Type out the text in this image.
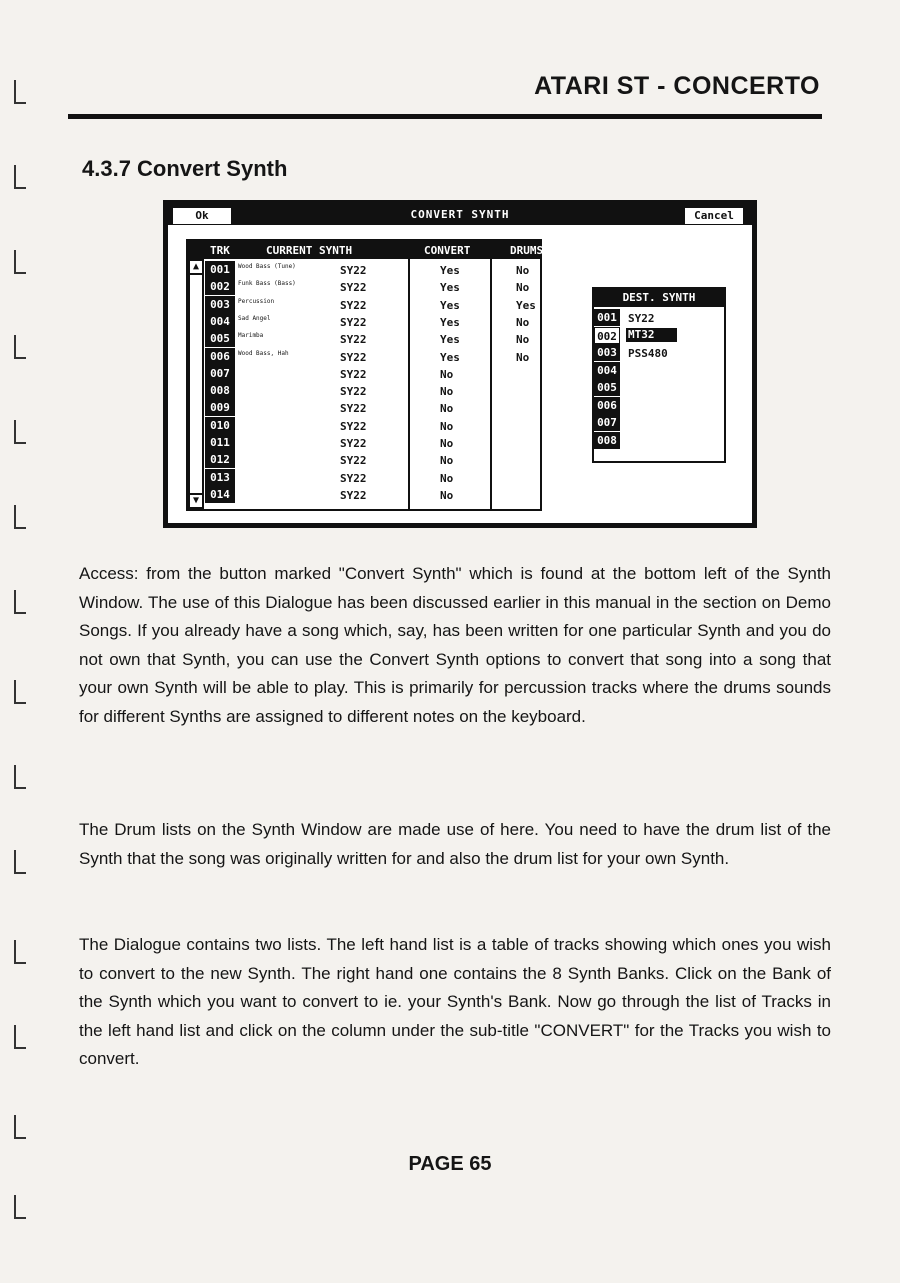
ATARI ST - CONCERTO
4.3.7 Convert Synth
Ok	CONVERT SYNTH	Cancel
TRK	CURRENT SYNTH	CONVERT	DRUMS
▲
▼
001	Wood Bass (Tune)	SY22	Yes	No
002	Funk Bass (Bass)	SY22	Yes	No
003	Percussion	SY22	Yes	Yes
004	Sad Angel	SY22	Yes	No
005	Marimba	SY22	Yes	No
006	Wood Bass, Hah	SY22	Yes	No
007	SY22	No
008	SY22	No
009	SY22	No
010	SY22	No
011	SY22	No
012	SY22	No
013	SY22	No
014	SY22	No
DEST. SYNTH
001 SY22
002 MT32
003 PSS480
004
005
006
007
008

Access: from the button marked "Convert Synth" which is found at the bottom left of the Synth Window. The use of this Dialogue has been discussed earlier in this manual in the section on Demo Songs. If you already have a song which, say, has been written for one particular Synth and you do not own that Synth, you can use the Convert Synth options to convert that song into a song that your own Synth will be able to play. This is primarily for percussion tracks where the drums sounds for different Synths are assigned to different notes on the keyboard.

The Drum lists on the Synth Window are made use of here. You need to have the drum list of the Synth that the song was originally written for and also the drum list for your own Synth.

The Dialogue contains two lists. The left hand list is a table of tracks showing which ones you wish to convert to the new Synth. The right hand one contains the 8 Synth Banks. Click on the Bank of the Synth which you want to convert to ie. your Synth's Bank. Now go through the list of Tracks in the left hand list and click on the column under the sub-title "CONVERT" for the Tracks you wish to convert.

PAGE 65
